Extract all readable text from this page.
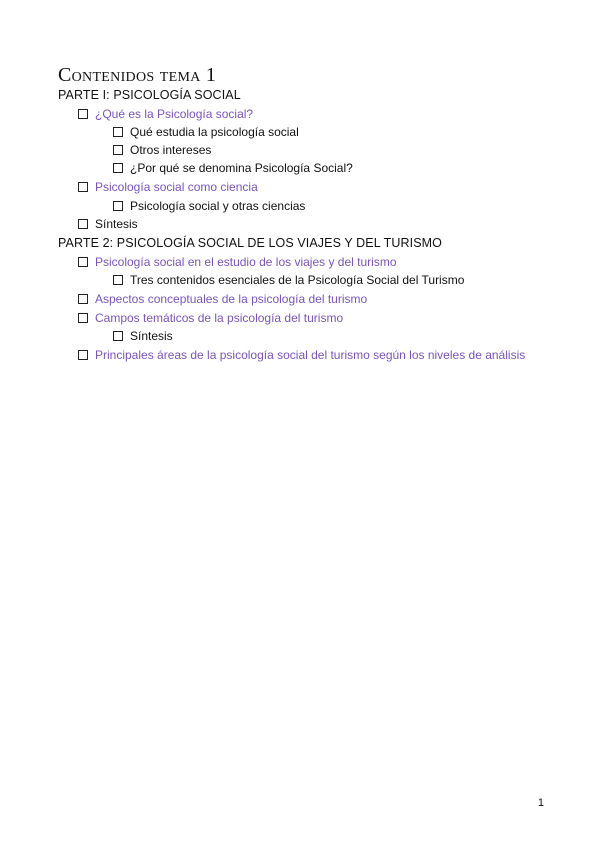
Contenidos tema 1
PARTE I: PSICOLOGÍA SOCIAL
¿Qué es la Psicología social?
Qué estudia la psicología social
Otros intereses
¿Por qué se denomina Psicología Social?
Psicología social como ciencia
Psicología social y otras ciencias
Síntesis
PARTE 2: PSICOLOGÍA SOCIAL DE LOS VIAJES Y DEL TURISMO
Psicología social en el estudio de los viajes y del turismo
Tres contenidos esenciales de la Psicología Social del Turismo
Aspectos conceptuales de la psicología del turismo
Campos temáticos de la psicología del turismo
Síntesis
Principales áreas de la psicología social del turismo según los niveles de análisis
1
